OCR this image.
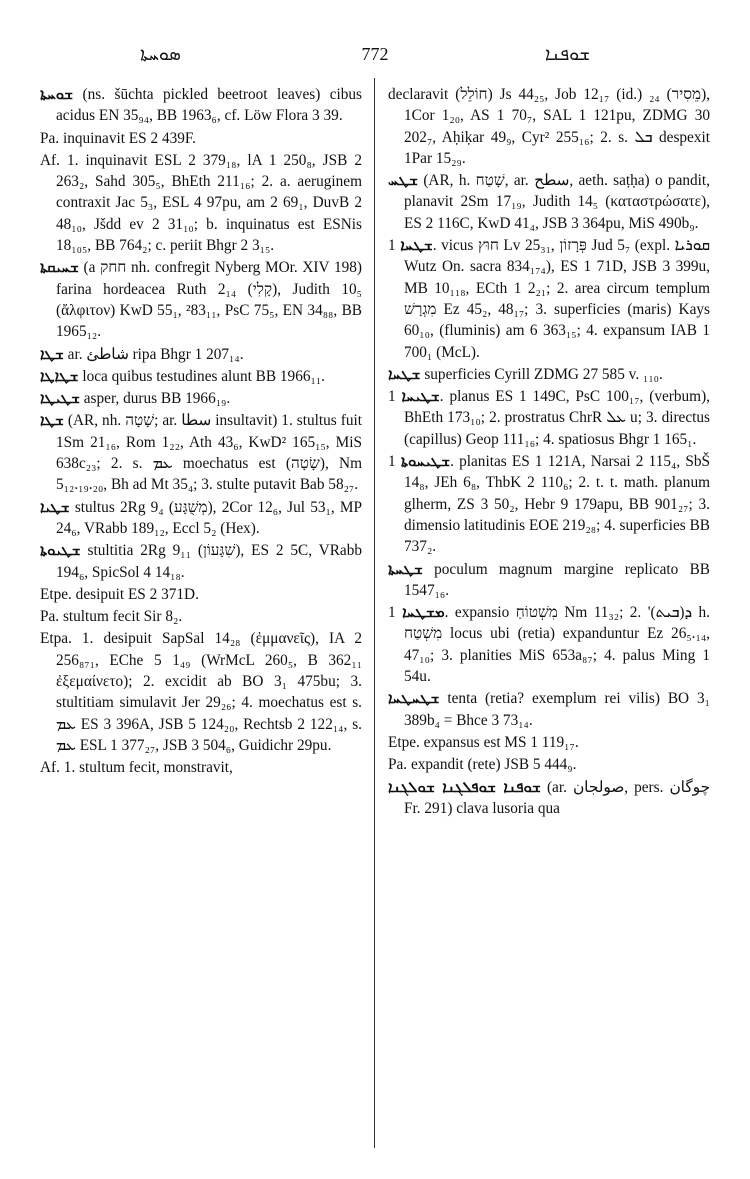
ܣܘܚܬܐ	772	ܫܘܦܢܐ

ܫܘܚܬܐ (ns. šūchta pickled beetroot leaves) cibus acidus EN 35₉₄, BB 1963₆, cf. Löw Flora 3 39.

Pa. inquinavit ES 2 439F.

Af. 1. inquinavit ESL 2 379₁₈, lA 1 250₈, JSB 2 263₂, Sahd 305₅, BhEth 211₁₆; 2. a. aeruginem contraxit Jac 5₃, ESL 4 97pu, am 2 69₁, DuvB 2 48₁₀, Jšdd ev 2 31₁₀; b. inquinatus est ESNis 18₁₀₅, BB 764₂; c. periit Bhgr 2 3₁₅.

ܫܚܝܩܬܐ (a חחק nh. confregit Nyberg MOr. XIV 198) farina hordeacea Ruth 2₁₄ (קָלִי), Judith 10₅ (ἄλφιτον) KwD 55₁, ²83₁₁, PsC 75₅, EN 34₈₈, BB 1965₁₂.

ܫܛܐ ar. شاطئ ripa Bhgr 1 207₁₄.

ܫܛܐܛܐ loca quibus testudines alunt BB 1966₁₁.

ܫܛܝܛܐ asper, durus BB 1966₁₉.

ܫܛܐ (AR, nh. שָׁטָה; ar. سطا insultavit) 1. stultus fuit 1Sm 21₁₆, Rom 1₂₂, Ath 43₆, KwD² 165₁₅, MiS 638c₂₃; 2. s. ܥܡ moechatus est (שָׂטָה), Nm 5₁₂.₁₉.₂₀, Bh ad Mt 35₄; 3. stulte putavit Bab 58₂₇.

ܫܛܝܐ stultus 2Rg 9₄ (מְשֻׁגָּע), 2Cor 12₆, Jul 53₁, MP 24₆, VRabb 189₁₂, Eccl 5₂ (Hex).

ܫܛܝܘܬܐ stultitia 2Rg 9₁₁ (שִׁגָּעוֹן), ES 2 5C, VRabb 194₆, SpicSol 4 14₁₈.

Etpe. desipuit ES 2 371D.

Pa. stultum fecit Sir 8₂.

Etpa. 1. desipuit SapSal 14₂₈ (ἐμμανεῖς), IA 2 256₈₇₁, EChe 5 1₄₉ (WrMcL 260₅, B 362₁₁ ἐξεμαίνετο); 2. excidit ab BO 3₁ 475bu; 3. stultitiam simulavit Jer 29₂₆; 4. moechatus est s. ܥܡ ES 3 396A, JSB 5 124₂₀, Rechtsb 2 122₁₄, s. ܥܡ ESL 1 377₂₇, JSB 3 504₆, Guidichr 29pu.

Af. 1. stultum fecit, monstravit,

declaravit (חוֹלֵל) Js 44₂₅, Job 12₁₇ (id.) ₂₄ (מֵסִיר), 1Cor 1₂₀, AS 1 70₇, SAL 1 121pu, ZDMG 30 202₇, Aḥiḳar 49₉, Cyr² 255₁₆; 2. s. ܒܠ despexit 1Par 15₂₉.

ܫܛܚ (AR, h. שָׁטַח, ar. سطح, aeth. saṭḥa) o pandit, planavit 2Sm 17₁₉, Judith 14₅ (καταστρώσατε), ES 2 116C, KwD 41₄, JSB 3 364pu, MiS 490b₉.

ܫܛܚܐ 1. vicus חוּץ Lv 25₃₁, פְּרָזוֹן Jud 5₇ (expl. ܩܘܪܝܐ Wutz On. sacra 834₁₇₄), ES 1 71D, JSB 3 399u, MB 10₁₁₈, ECth 1 2₂₁; 2. area circum templum מִגְרָשׁ Ez 45₂, 48₁₇; 3. superficies (maris) Kays 60₁₀, (fluminis) am 6 363₁₅; 4. expansum IAB 1 700₁ (McL).

ܫܛܚܐ superficies Cyrill ZDMG 27 585 v. ₁₁₀.

ܫܛܝܚܐ 1. planus ES 1 149C, PsC 100₁₇, (verbum), BhEth 173₁₀; 2. prostratus ChrR ܥܠ u; 3. directus (capillus) Geop 111₁₆; 4. spatiosus Bhgr 1 165₁.

ܫܛܝܚܘܬܐ 1. planitas ES 1 121A, Narsai 2 115₄, SbŠ 14₈, JEh 6₈, ThbK 2 110₆; 2. t. t. math. planum glherm, ZS 3 50₂, Hebr 9 179apu, BB 901₂₇; 3. dimensio latitudinis EOE 219₂₈; 4. superficies BB 737₂.

ܫܛܚܬܐ poculum magnum margine replicato BB 1547₁₆.

ܡܫܛܚܐ 1. expansio מִשְׁטוֹחַ Nm 11₃₂; 2. 'ܕ(ܒܝܬ) h. מִשְׁטַח locus ubi (retia) expanduntur Ez 26₅.₁₄, 47₁₀; 3. planities MiS 653a₈₇; 4. palus Ming 1 54u.

ܫܛܚܛܚܐ tenta (retia? exemplum rei vilis) BO 3₁ 389b₄ = Bhce 3 73₁₄.

Etpe. expansus est MS 1 119₁₇.

Pa. expandit (rete) JSB 5 444₉.

ܫܘܦܢܐ ܫܘܦܠܓܢܐ ܫܘܠܓܢܐ (ar. صولجان, pers. چوگان Fr. 291) clava lusoria qua
